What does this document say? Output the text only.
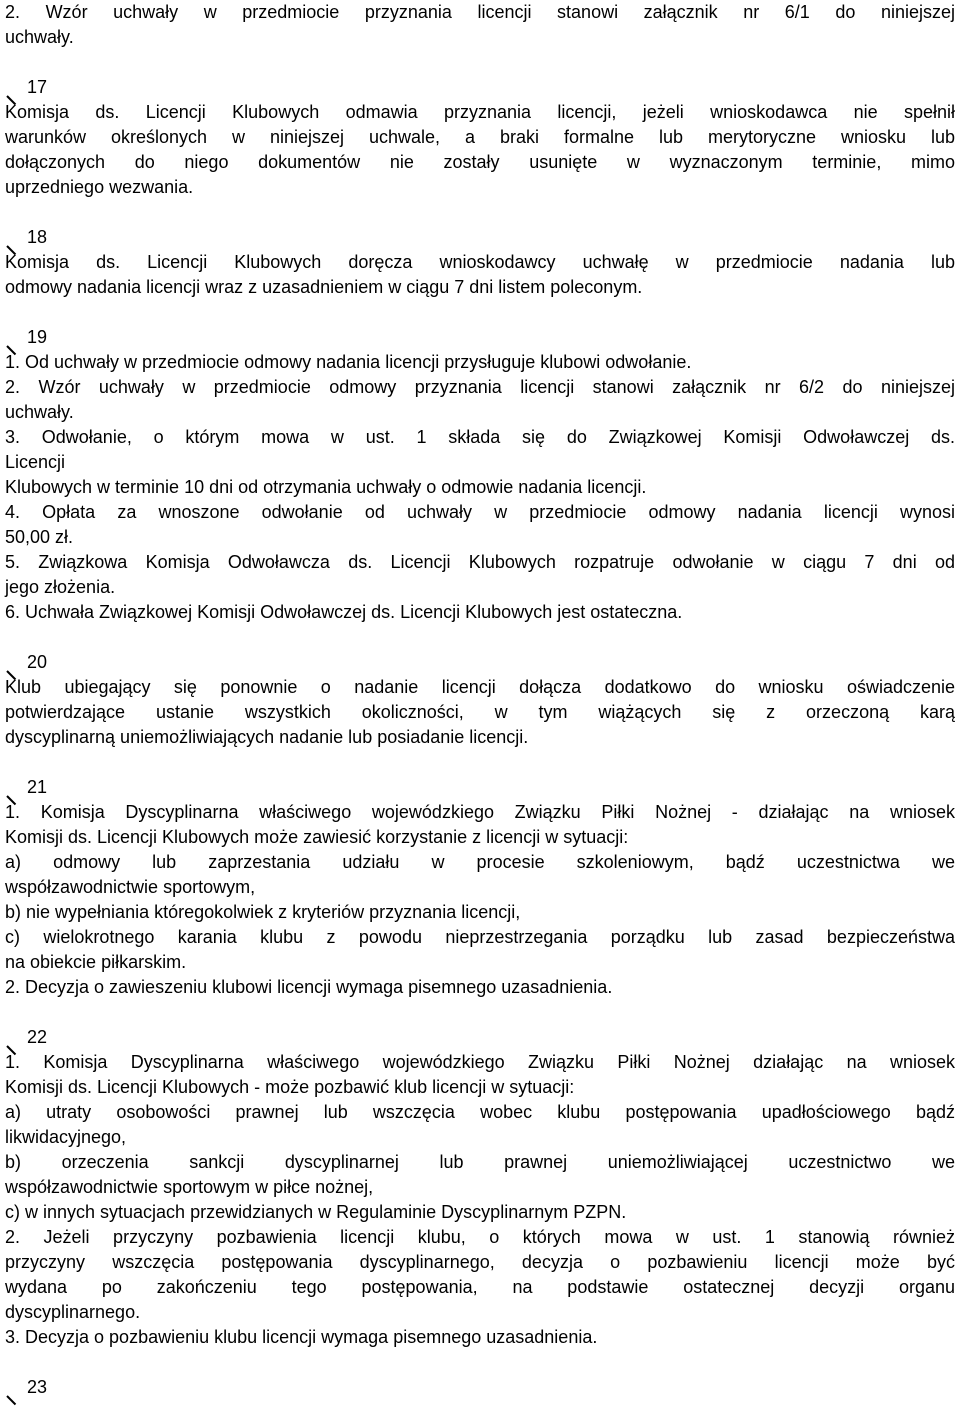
2. Wzór uchwały w przedmiocie przyznania licencji stanowi załącznik nr 6/1 do niniejszej
uchwały.
17
Komisja ds. Licencji Klubowych odmawia przyznania licencji, jeżeli wnioskodawca nie spełnił
warunków określonych w niniejszej uchwale, a braki formalne lub merytoryczne wniosku lub
dołączonych do niego dokumentów nie zostały usunięte w wyznaczonym terminie, mimo
uprzedniego wezwania.
18
Komisja ds. Licencji Klubowych doręcza wnioskodawcy uchwałę w przedmiocie nadania lub
odmowy nadania licencji wraz z uzasadnieniem w ciągu 7 dni listem poleconym.
19
1. Od uchwały w przedmiocie odmowy nadania licencji przysługuje klubowi odwołanie.
2. Wzór uchwały w przedmiocie odmowy przyznania licencji stanowi załącznik nr 6/2 do niniejszej
uchwały.
3. Odwołanie, o którym mowa w ust. 1 składa się do Związkowej Komisji Odwoławczej ds.
Licencji
Klubowych w terminie 10 dni od otrzymania uchwały o odmowie nadania licencji.
4. Opłata za wnoszone odwołanie od uchwały w przedmiocie odmowy nadania licencji wynosi
50,00 zł.
5. Związkowa Komisja Odwoławcza ds. Licencji Klubowych rozpatruje odwołanie w ciągu 7 dni od
jego złożenia.
6. Uchwała Związkowej Komisji Odwoławczej ds. Licencji Klubowych jest ostateczna.
20
Klub ubiegający się ponownie o nadanie licencji dołącza dodatkowo do wniosku oświadczenie
potwierdzające ustanie wszystkich okoliczności, w tym wiążących się z orzeczoną karą
dyscyplinarną uniemożliwiających nadanie lub posiadanie licencji.
21
1. Komisja Dyscyplinarna właściwego wojewódzkiego Związku Piłki Nożnej - działając na wniosek
Komisji ds. Licencji Klubowych może zawiesić korzystanie z licencji w sytuacji:
a) odmowy lub zaprzestania udziału w procesie szkoleniowym, bądź uczestnictwa we
współzawodnictwie sportowym,
b) nie wypełniania któregokolwiek z kryteriów przyznania licencji,
c) wielokrotnego karania klubu z powodu nieprzestrzegania porządku lub zasad bezpieczeństwa
na obiekcie piłkarskim.
2. Decyzja o zawieszeniu klubowi licencji wymaga pisemnego uzasadnienia.
22
1. Komisja Dyscyplinarna właściwego wojewódzkiego Związku Piłki Nożnej działając na wniosek
Komisji ds. Licencji Klubowych - może pozbawić klub licencji w sytuacji:
a) utraty osobowości prawnej lub wszczęcia wobec klubu postępowania upadłościowego bądź
likwidacyjnego,
b) orzeczenia sankcji dyscyplinarnej lub prawnej uniemożliwiającej uczestnictwo we
współzawodnictwie sportowym w piłce nożnej,
c) w innych sytuacjach przewidzianych w Regulaminie Dyscyplinarnym PZPN.
2. Jeżeli przyczyny pozbawienia licencji klubu, o których mowa w ust. 1 stanowią również
przyczyny wszczęcia postępowania dyscyplinarnego, decyzja o pozbawieniu licencji może być
wydana po zakończeniu tego postępowania, na podstawie ostatecznej decyzji organu
dyscyplinarnego.
3. Decyzja o pozbawieniu klubu licencji wymaga pisemnego uzasadnienia.
23
